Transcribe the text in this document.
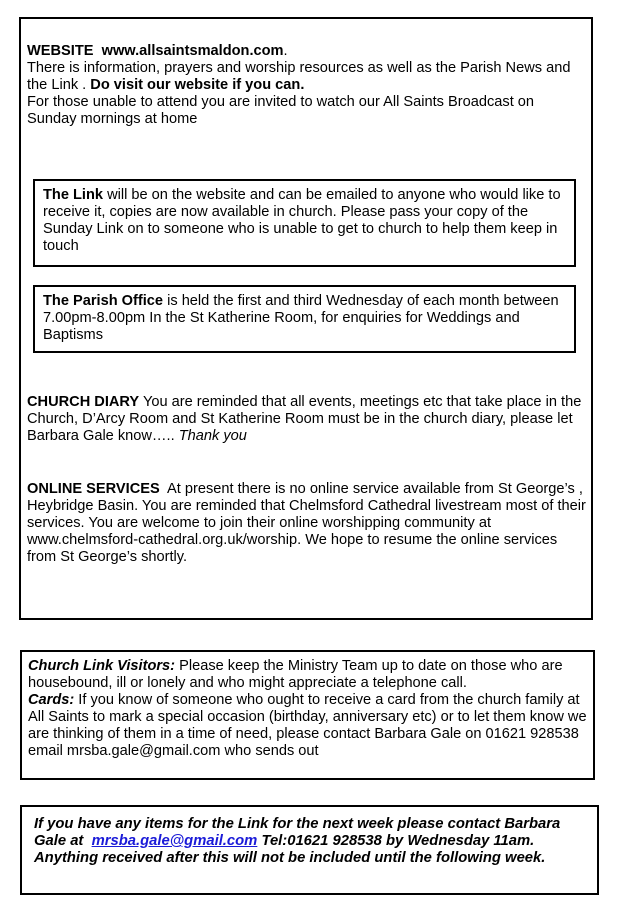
WEBSITE www.allsaintsmaldon.com.
There is information, prayers and worship resources as well as the Parish News and the Link . Do visit our website if you can.
For those unable to attend you are invited to watch our All Saints Broadcast on Sunday mornings at home
The Link will be on the website and can be emailed to anyone who would like to receive it, copies are now available in church. Please pass your copy of the Sunday Link on to someone who is unable to get to church to help them keep in touch
The Parish Office is held the first and third Wednesday of each month between 7.00pm-8.00pm In the St Katherine Room, for enquiries for Weddings and Baptisms
CHURCH DIARY You are reminded that all events, meetings etc that take place in the Church, D’Arcy Room and St Katherine Room must be in the church diary, please let Barbara Gale know….. Thank you
ONLINE SERVICES At present there is no online service available from St George’s , Heybridge Basin. You are reminded that Chelmsford Cathedral livestream most of their services. You are welcome to join their online worshipping community at www.chelmsford-cathedral.org.uk/worship. We hope to resume the online services from St George’s shortly.
Church Link Visitors: Please keep the Ministry Team up to date on those who are housebound, ill or lonely and who might appreciate a telephone call.
Cards: If you know of someone who ought to receive a card from the church family at All Saints to mark a special occasion (birthday, anniversary etc) or to let them know we are thinking of them in a time of need, please contact Barbara Gale on 01621 928538 email mrsba.gale@gmail.com who sends out
If you have any items for the Link for the next week please contact Barbara Gale at mrsba.gale@gmail.com Tel:01621 928538 by Wednesday 11am.
Anything received after this will not be included until the following week.
